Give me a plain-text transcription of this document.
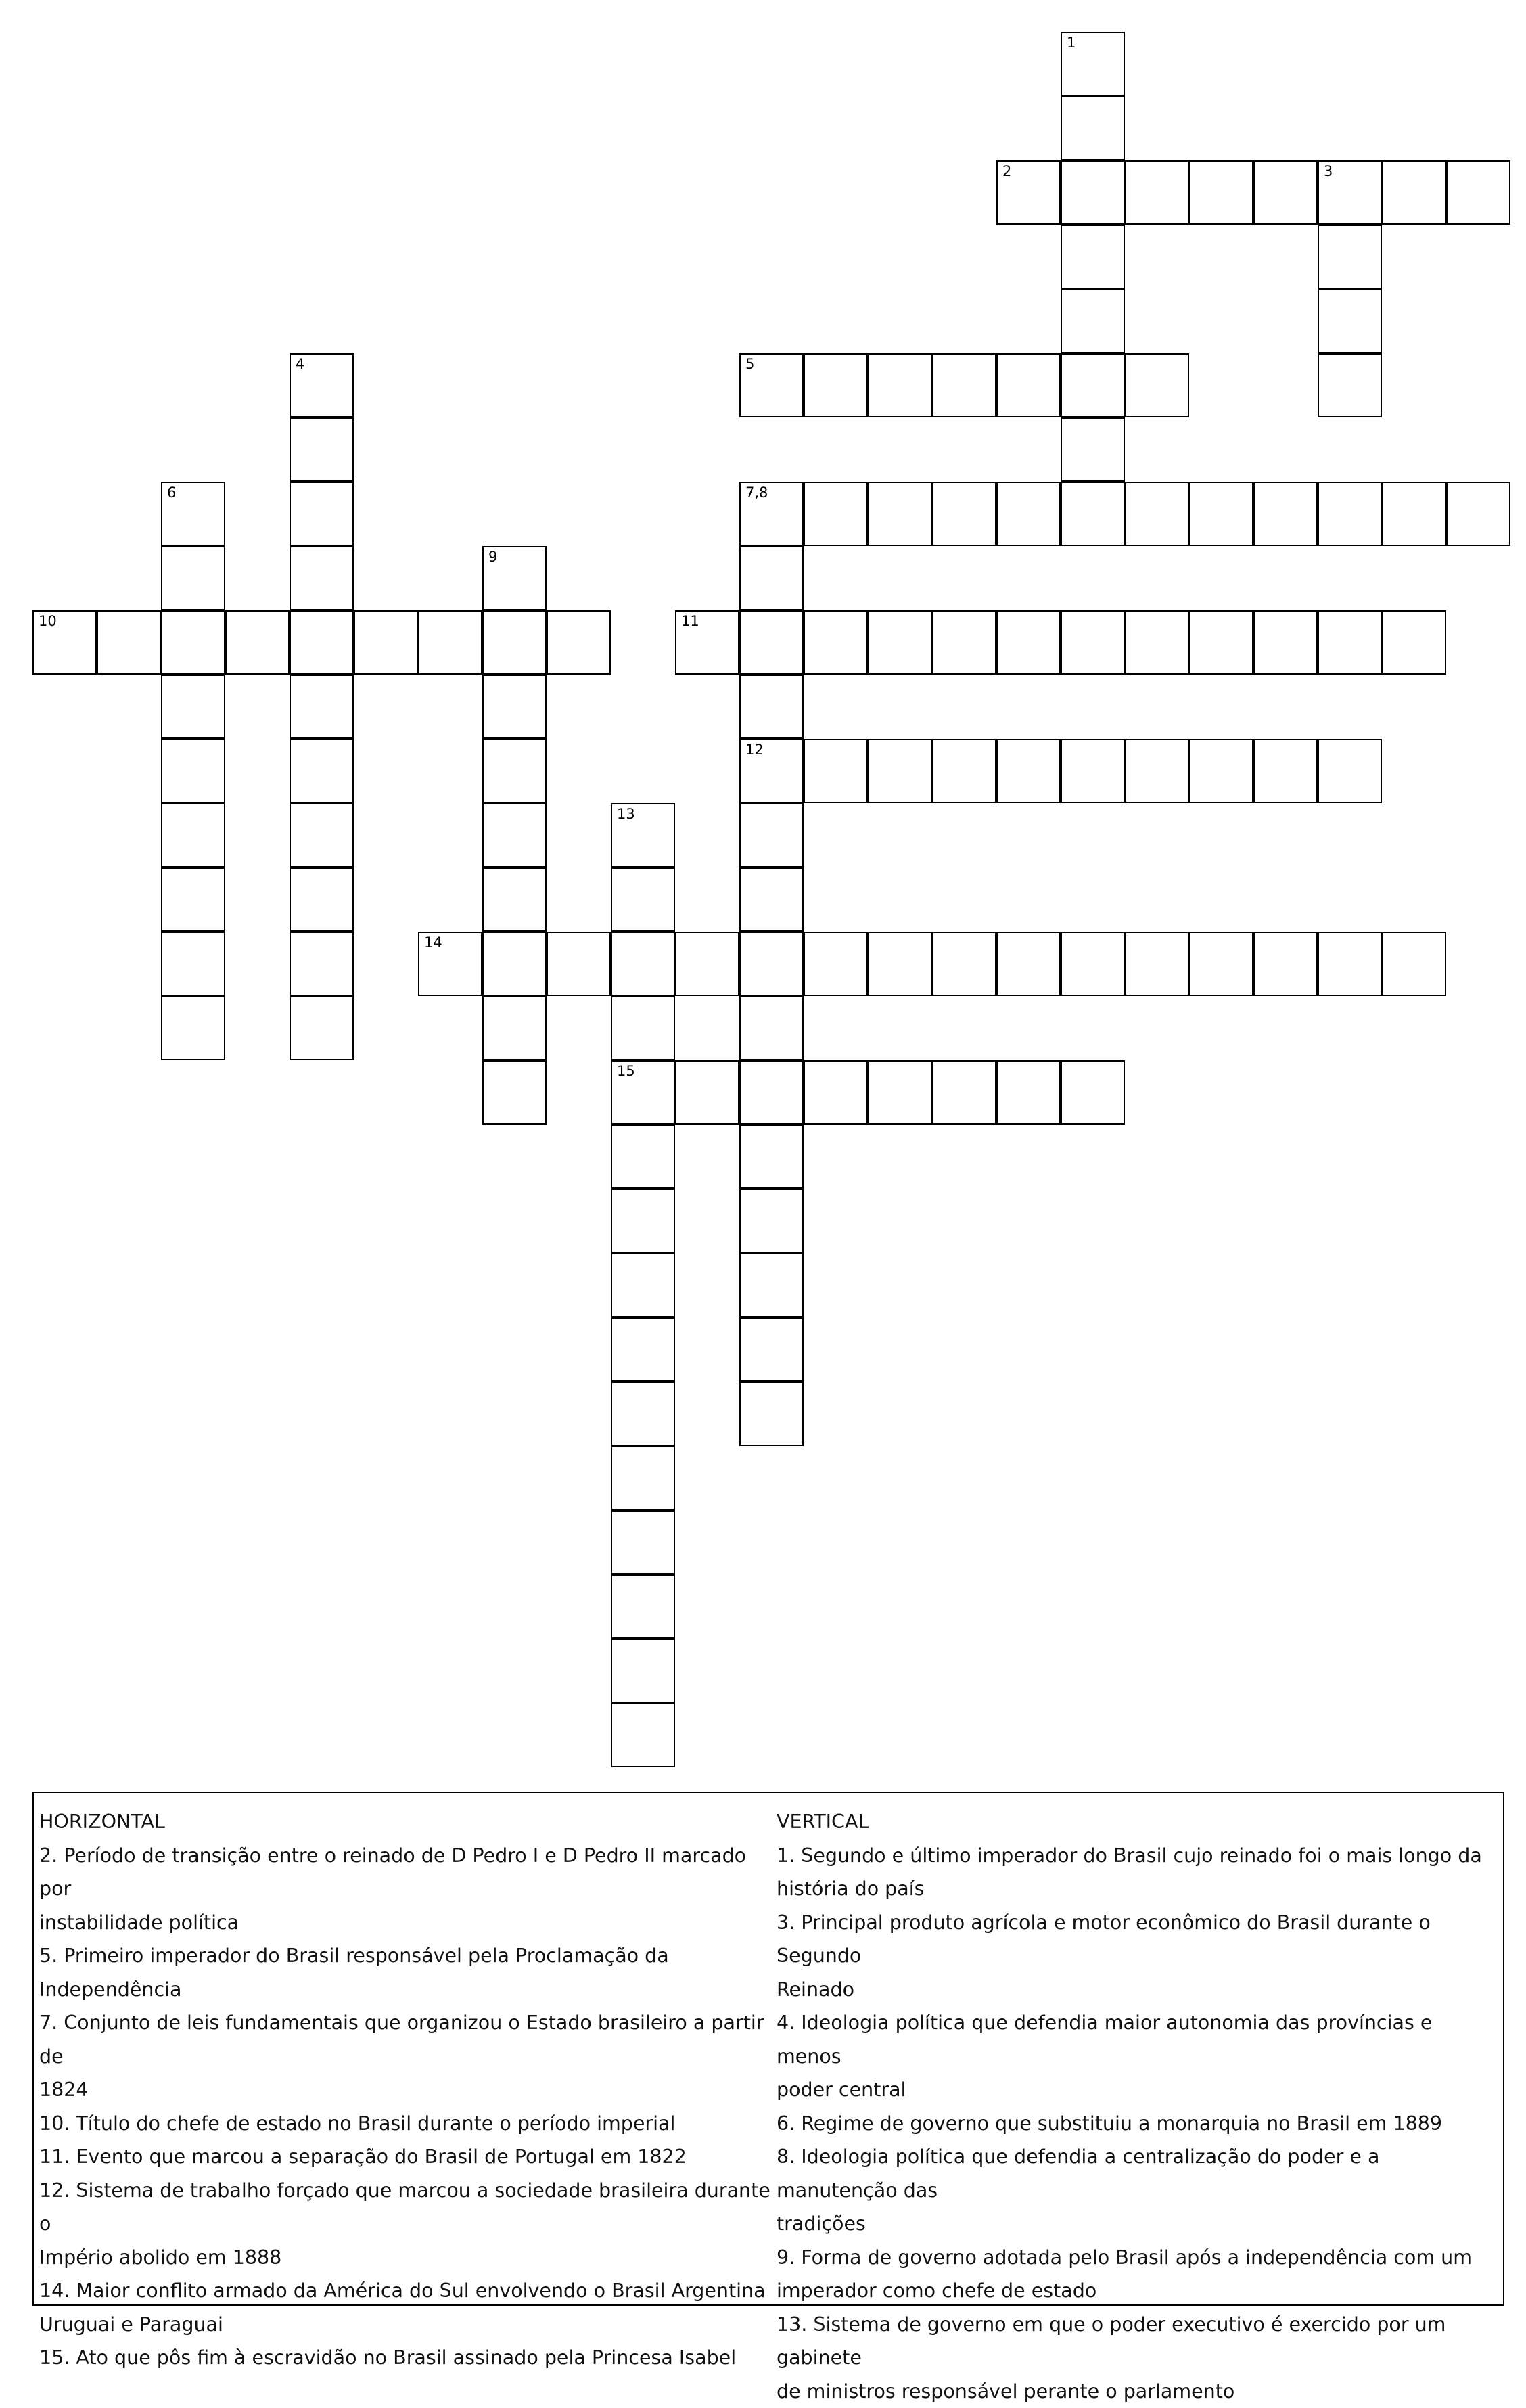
1
2	3
4	5
6	7,8
12
9
10	11
13
15
14
HORIZONTAL
2. Período de transição entre o reinado de D Pedro I e D Pedro II marcado por
instabilidade política
5. Primeiro imperador do Brasil responsável pela Proclamação da
Independência
7. Conjunto de leis fundamentais que organizou o Estado brasileiro a partir de
1824
10. Título do chefe de estado no Brasil durante o período imperial
11. Evento que marcou a separação do Brasil de Portugal em 1822
12. Sistema de trabalho forçado que marcou a sociedade brasileira durante o
Império abolido em 1888
14. Maior conflito armado da América do Sul envolvendo o Brasil Argentina
Uruguai e Paraguai
15. Ato que pôs fim à escravidão no Brasil assinado pela Princesa Isabel
VERTICAL
1. Segundo e último imperador do Brasil cujo reinado foi o mais longo da
história do país
3. Principal produto agrícola e motor econômico do Brasil durante o Segundo
Reinado
4. Ideologia política que defendia maior autonomia das províncias e menos
poder central
6. Regime de governo que substituiu a monarquia no Brasil em 1889
8. Ideologia política que defendia a centralização do poder e a manutenção das
tradições
9. Forma de governo adotada pelo Brasil após a independência com um
imperador como chefe de estado
13. Sistema de governo em que o poder executivo é exercido por um gabinete
de ministros responsável perante o parlamento
